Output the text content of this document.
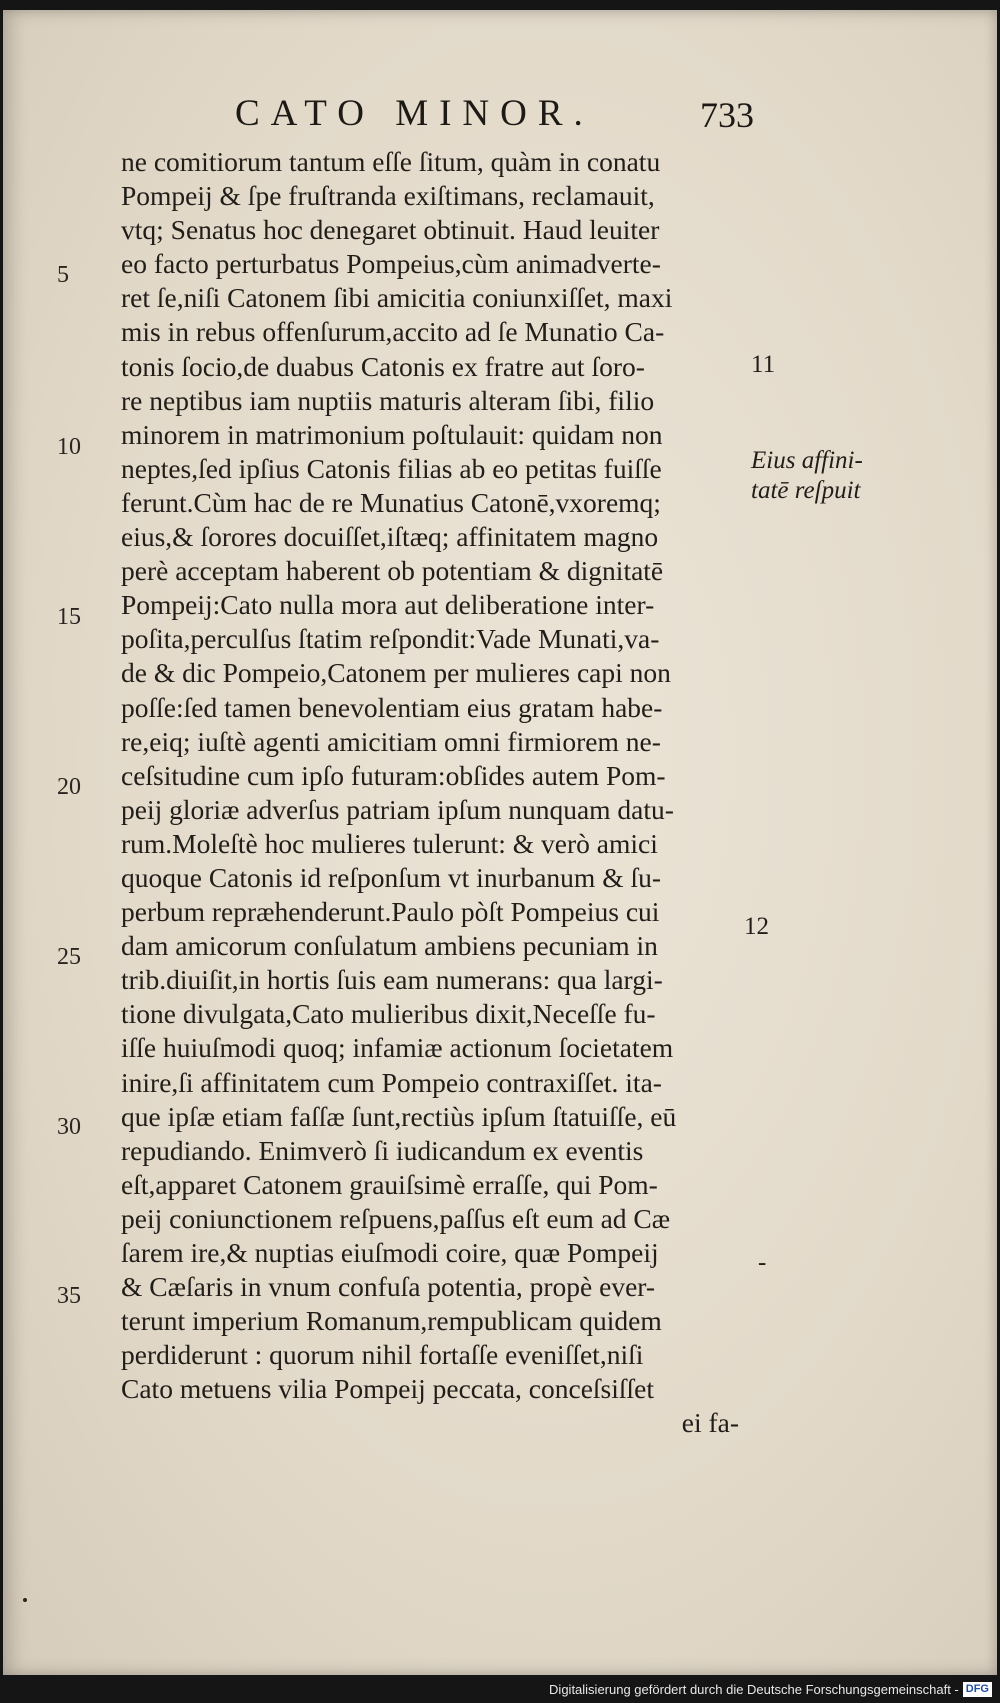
CATO MINOR.	733
ne comitiorum tantum eſſe ſitum, quàm in conatu
Pompeij & ſpe fruſtranda exiſtimans, reclamauit,
vtq; Senatus hoc denegaret obtinuit. Haud leuiter
eo facto perturbatus Pompeius,cùm animadverte-
ret ſe,niſi Catonem ſibi amicitia coniunxiſſet, maxi
mis in rebus offenſurum,accito ad ſe Munatio Ca-
tonis ſocio,de duabus Catonis ex fratre aut ſoro-
re neptibus iam nuptiis maturis alteram ſibi, filio
minorem in matrimonium poſtulauit: quidam non
neptes,ſed ipſius Catonis filias ab eo petitas fuiſſe
ferunt.Cùm hac de re Munatius Catonē,vxoremq;
eius,& ſorores docuiſſet,iſtæq; affinitatem magno
perè acceptam haberent ob potentiam & dignitatē
Pompeij:Cato nulla mora aut deliberatione inter-
poſita,perculſus ſtatim reſpondit:Vade Munati,va-
de & dic Pompeio,Catonem per mulieres capi non
poſſe:ſed tamen benevolentiam eius gratam habe-
re,eiq; iuſtè agenti amicitiam omni firmiorem ne-
ceſsitudine cum ipſo futuram:obſides autem Pom-
peij gloriæ adverſus patriam ipſum nunquam datu-
rum.Moleſtè hoc mulieres tulerunt: & verò amici
quoque Catonis id reſponſum vt inurbanum & ſu-
perbum repræhenderunt.Paulo pòſt Pompeius cui
dam amicorum conſulatum ambiens pecuniam in
trib.diuiſit,in hortis ſuis eam numerans: qua largi-
tione divulgata,Cato mulieribus dixit,Neceſſe fu-
iſſe huiuſmodi quoq; infamiæ actionum ſocietatem
inire,ſi affinitatem cum Pompeio contraxiſſet. ita-
que ipſæ etiam faſſæ ſunt,rectiùs ipſum ſtatuiſſe, eū
repudiando. Enimverò ſi iudicandum ex eventis
eſt,apparet Catonem grauiſsimè erraſſe, qui Pom-
peij coniunctionem reſpuens,paſſus eſt eum ad Cæ
ſarem ire,& nuptias eiuſmodi coire, quæ Pompeij
& Cæſaris in vnum confuſa potentia, propè ever-
terunt imperium Romanum,rempublicam quidem
perdiderunt : quorum nihil fortaſſe eveniſſet,niſi
Cato metuens vilia Pompeij peccata, conceſsiſſet
ei fa-
5
10
15
20
25
30
35
11
Eius affini-
tatē reſpuit
12
-
Digitalisierung gefördert durch die Deutsche Forschungsgemeinschaft - DFG
